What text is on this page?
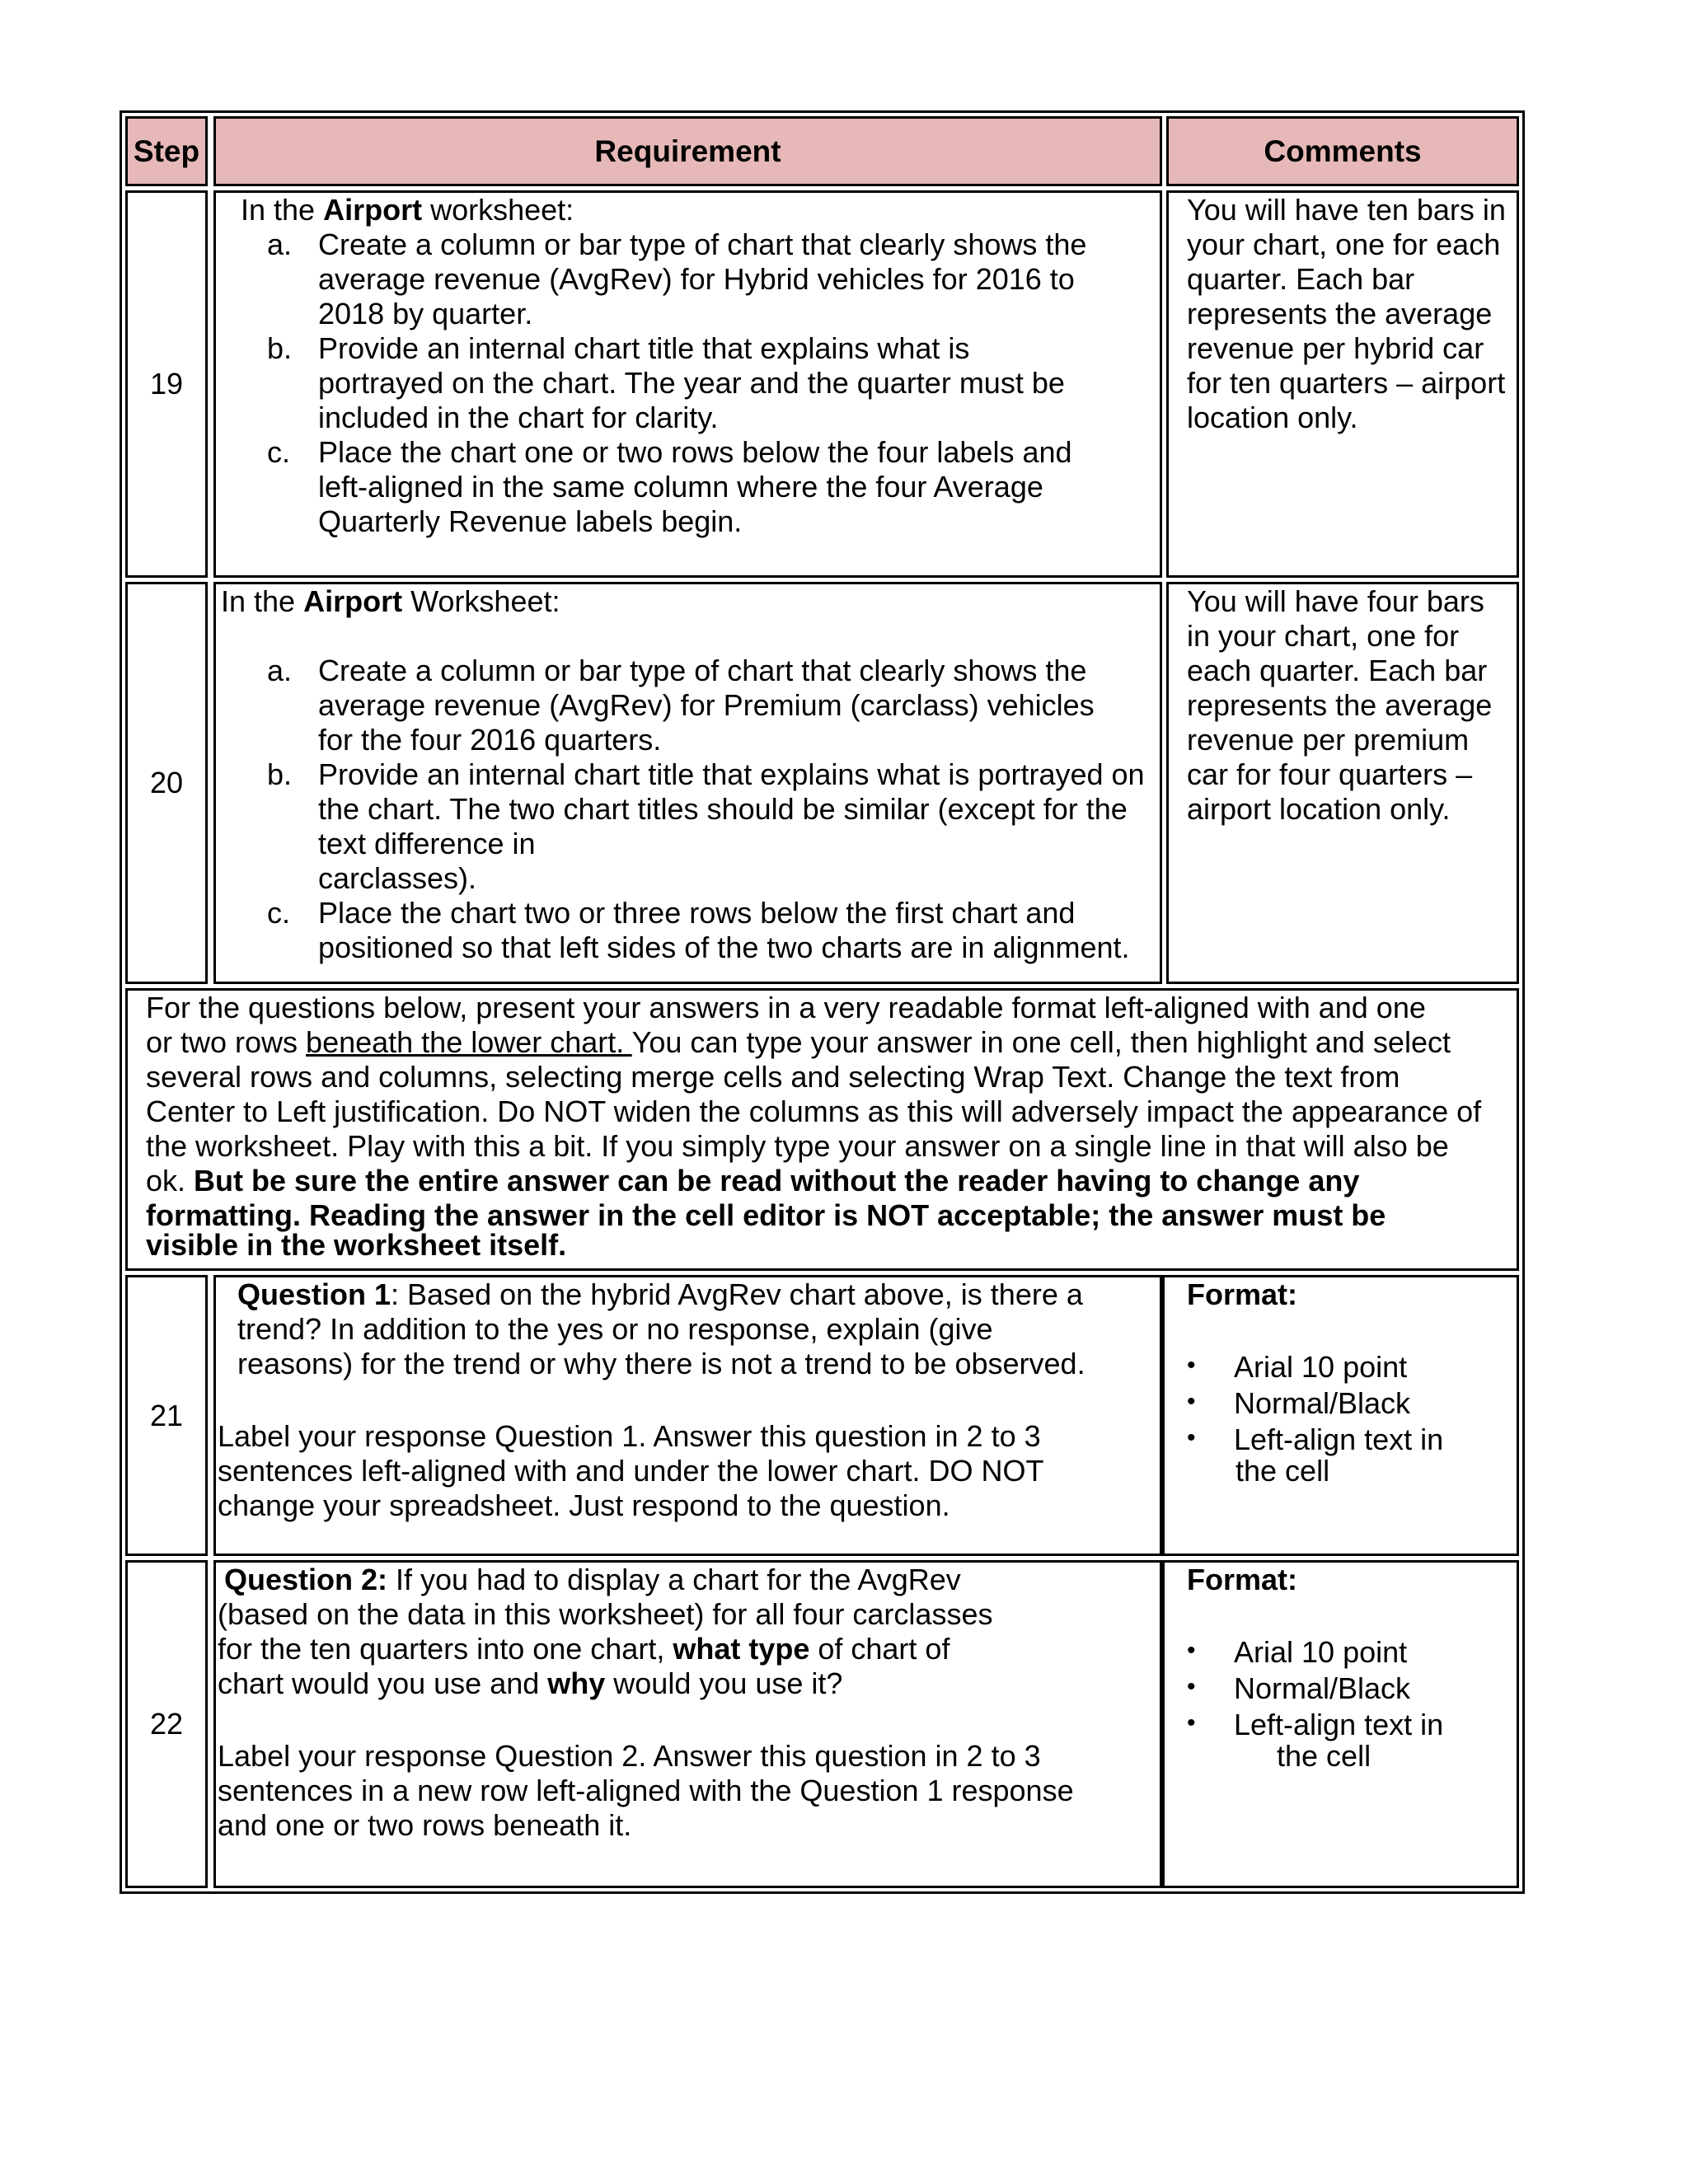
Step	Requirement	Comments
19
In the Airport worksheet:
a. Create a column or bar type of chart that clearly shows the
average revenue (AvgRev) for Hybrid vehicles for 2016 to
2018 by quarter.
b. Provide an internal chart title that explains what is
portrayed on the chart. The year and the quarter must be
included in the chart for clarity.
c. Place the chart one or two rows below the four labels and
left-aligned in the same column where the four Average
Quarterly Revenue labels begin.
You will have ten bars in
your chart, one for each
quarter. Each bar
represents the average
revenue per hybrid car
for ten quarters – airport
location only.
20
In the Airport Worksheet:
a. Create a column or bar type of chart that clearly shows the
average revenue (AvgRev) for Premium (carclass) vehicles
for the four 2016 quarters.
b. Provide an internal chart title that explains what is portrayed on
the chart. The two chart titles should be similar (except for the
text difference in
carclasses).
c. Place the chart two or three rows below the first chart and
positioned so that left sides of the two charts are in alignment.
You will have four bars
in your chart, one for
each quarter. Each bar
represents the average
revenue per premium
car for four quarters –
airport location only.
For the questions below, present your answers in a very readable format left-aligned with and one
or two rows beneath the lower chart. You can type your answer in one cell, then highlight and select
several rows and columns, selecting merge cells and selecting Wrap Text. Change the text from
Center to Left justification. Do NOT widen the columns as this will adversely impact the appearance of
the worksheet. Play with this a bit. If you simply type your answer on a single line in that will also be
ok. But be sure the entire answer can be read without the reader having to change any
formatting. Reading the answer in the cell editor is NOT acceptable; the answer must be
visible in the worksheet itself.
21
Question 1: Based on the hybrid AvgRev chart above, is there a
trend? In addition to the yes or no response, explain (give
reasons) for the trend or why there is not a trend to be observed.
Label your response Question 1. Answer this question in 2 to 3
sentences left-aligned with and under the lower chart. DO NOT
change your spreadsheet. Just respond to the question.
Format:
• Arial 10 point
• Normal/Black
• Left-align text in
the cell
22
Question 2: If you had to display a chart for the AvgRev
(based on the data in this worksheet) for all four carclasses
for the ten quarters into one chart, what type of chart of
chart would you use and why would you use it?
Label your response Question 2. Answer this question in 2 to 3
sentences in a new row left-aligned with the Question 1 response
and one or two rows beneath it.
Format:
• Arial 10 point
• Normal/Black
• Left-align text in
the cell
